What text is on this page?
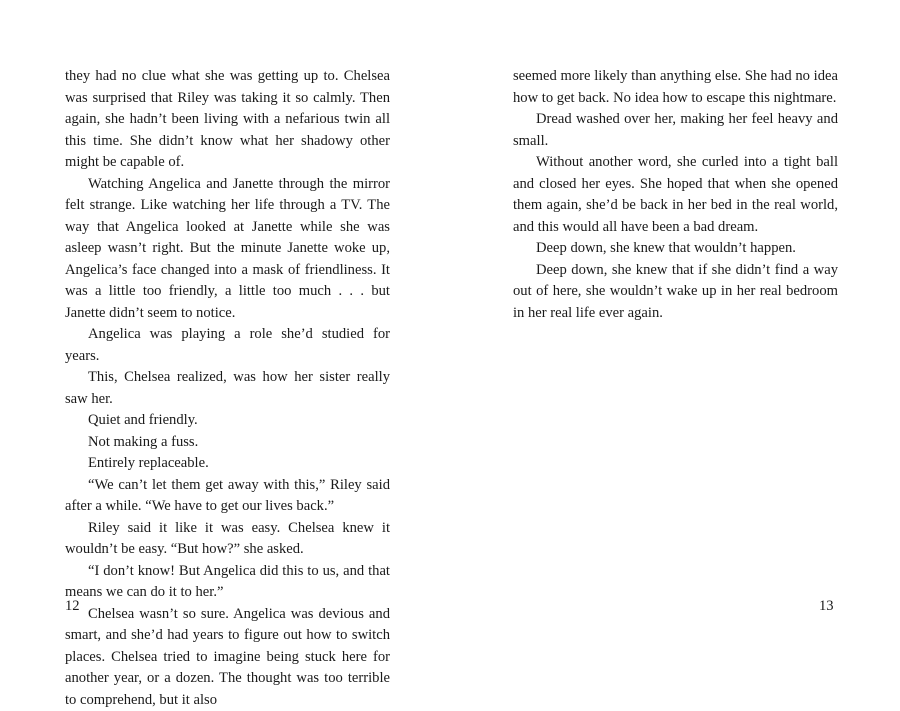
they had no clue what she was getting up to. Chelsea was surprised that Riley was taking it so calmly. Then again, she hadn’t been living with a nefarious twin all this time. She didn’t know what her shadowy other might be capable of.

Watching Angelica and Janette through the mirror felt strange. Like watching her life through a TV. The way that Angelica looked at Janette while she was asleep wasn’t right. But the minute Janette woke up, Angelica’s face changed into a mask of friendliness. It was a little too friendly, a little too much . . . but Janette didn’t seem to notice.

Angelica was playing a role she’d studied for years.

This, Chelsea realized, was how her sister really saw her.

Quiet and friendly.

Not making a fuss.

Entirely replaceable.

“We can’t let them get away with this,” Riley said after a while. “We have to get our lives back.”

Riley said it like it was easy. Chelsea knew it wouldn’t be easy. “But how?” she asked.

“I don’t know! But Angelica did this to us, and that means we can do it to her.”

Chelsea wasn’t so sure. Angelica was devious and smart, and she’d had years to figure out how to switch places. Chelsea tried to imagine being stuck here for another year, or a dozen. The thought was too terrible to comprehend, but it also

12

seemed more likely than anything else. She had no idea how to get back. No idea how to escape this nightmare.

Dread washed over her, making her feel heavy and small.

Without another word, she curled into a tight ball and closed her eyes. She hoped that when she opened them again, she’d be back in her bed in the real world, and this would all have been a bad dream.

Deep down, she knew that wouldn’t happen.

Deep down, she knew that if she didn’t find a way out of here, she wouldn’t wake up in her real bedroom in her real life ever again.

13
